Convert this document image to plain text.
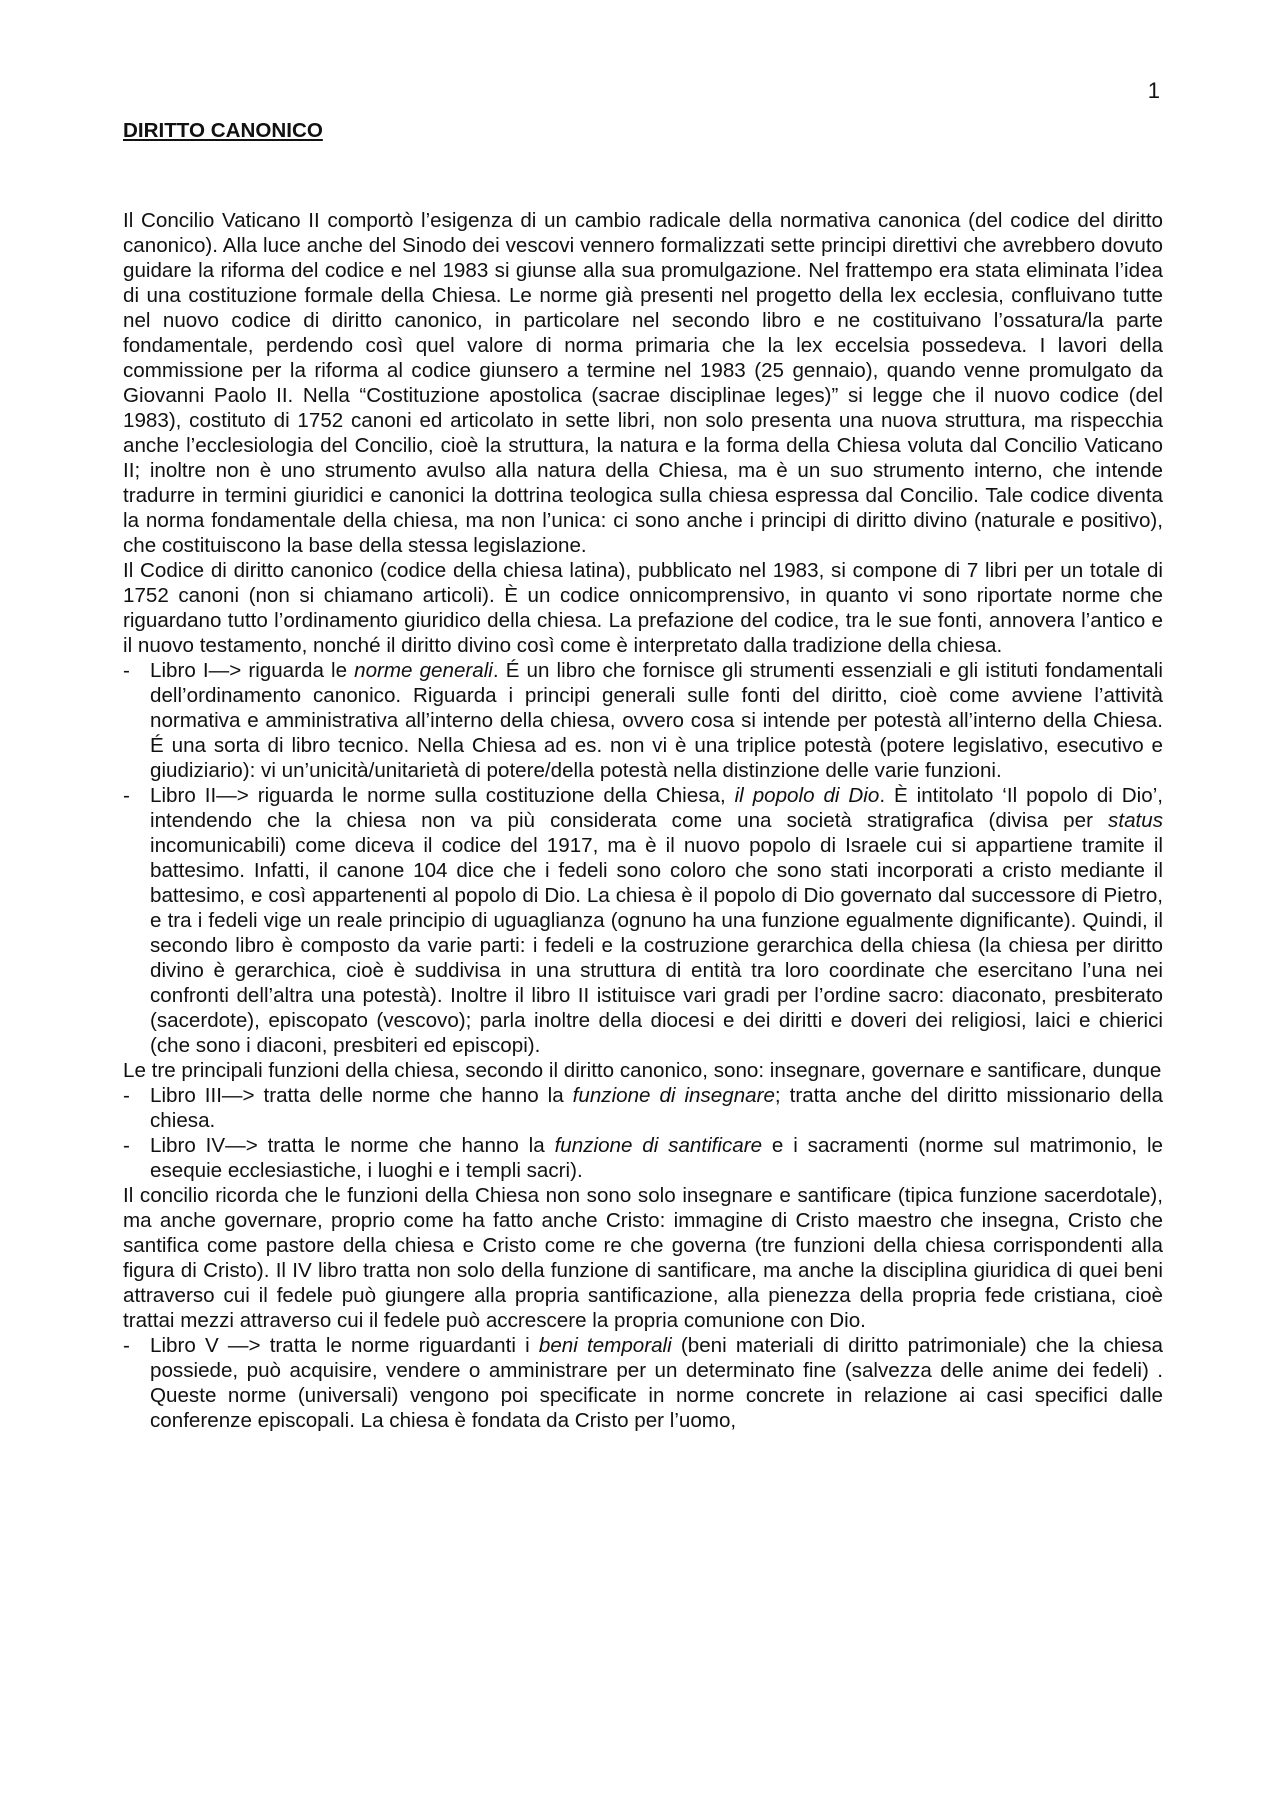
1
DIRITTO CANONICO

Il Concilio Vaticano II comportò l’esigenza di un cambio radicale della normativa canonica (del codice del diritto canonico). Alla luce anche del Sinodo dei vescovi vennero formalizzati sette principi direttivi che avrebbero dovuto guidare la riforma del codice e nel 1983 si giunse alla sua promulgazione. Nel frattempo era stata eliminata l’idea di una costituzione formale della Chiesa. Le norme già presenti nel progetto della lex ecclesia, confluivano tutte nel nuovo codice di diritto canonico, in particolare nel secondo libro e ne costituivano l’ossatura/la parte fondamentale, perdendo così quel valore di norma primaria che la lex eccelsia possedeva. I lavori della commissione per la riforma al codice giunsero a termine nel 1983 (25 gennaio), quando venne promulgato da Giovanni Paolo II. Nella “Costituzione apostolica (sacrae disciplinae leges)” si legge che il nuovo codice (del 1983), costituto di 1752 canoni ed articolato in sette libri, non solo presenta una nuova struttura, ma rispecchia anche l’ecclesiologia del Concilio, cioè la struttura, la natura e la forma della Chiesa voluta dal Concilio Vaticano II; inoltre non è uno strumento avulso alla natura della Chiesa, ma è un suo strumento interno, che intende tradurre in termini giuridici e canonici la dottrina teologica sulla chiesa espressa dal Concilio. Tale codice diventa la norma fondamentale della chiesa, ma non l’unica: ci sono anche i principi di diritto divino (naturale e positivo), che costituiscono la base della stessa legislazione.

Il Codice di diritto canonico (codice della chiesa latina), pubblicato nel 1983, si compone di 7 libri per un totale di 1752 canoni (non si chiamano articoli). È un codice onnicomprensivo, in quanto vi sono riportate norme che riguardano tutto l’ordinamento giuridico della chiesa. La prefazione del codice, tra le sue fonti, annovera l’antico e il nuovo testamento, nonché il diritto divino così come è interpretato dalla tradizione della chiesa.

- Libro I—> riguarda le norme generali. É un libro che fornisce gli strumenti essenziali e gli istituti fondamentali dell’ordinamento canonico. Riguarda i principi generali sulle fonti del diritto, cioè come avviene l’attività normativa e amministrativa all’interno della chiesa, ovvero cosa si intende per potestà all’interno della Chiesa. É una sorta di libro tecnico. Nella Chiesa ad es. non vi è una triplice potestà (potere legislativo, esecutivo e giudiziario): vi un’unicità/unitarietà di potere/della potestà nella distinzione delle varie funzioni.
- Libro II—> riguarda le norme sulla costituzione della Chiesa, il popolo di Dio. È intitolato ‘Il popolo di Dio’, intendendo che la chiesa non va più considerata come una società stratigrafica (divisa per status incomunicabili) come diceva il codice del 1917, ma è il nuovo popolo di Israele cui si appartiene tramite il battesimo. Infatti, il canone 104 dice che i fedeli sono coloro che sono stati incorporati a cristo mediante il battesimo, e così appartenenti al popolo di Dio. La chiesa è il popolo di Dio governato dal successore di Pietro, e tra i fedeli vige un reale principio di uguaglianza (ognuno ha una funzione egualmente dignificante). Quindi, il secondo libro è composto da varie parti: i fedeli e la costruzione gerarchica della chiesa (la chiesa per diritto divino è gerarchica, cioè è suddivisa in una struttura di entità tra loro coordinate che esercitano l’una nei confronti dell’altra una potestà). Inoltre il libro II istituisce vari gradi per l’ordine sacro: diaconato, presbiterato (sacerdote), episcopato (vescovo); parla inoltre della diocesi e dei diritti e doveri dei religiosi, laici e chierici (che sono i diaconi, presbiteri ed episcopi).

Le tre principali funzioni della chiesa, secondo il diritto canonico, sono: insegnare, governare e santificare, dunque

- Libro III—> tratta delle norme che hanno la funzione di insegnare; tratta anche del diritto missionario della chiesa.
- Libro IV—> tratta le norme che hanno la funzione di santificare e i sacramenti (norme sul matrimonio, le esequie ecclesiastiche, i luoghi e i templi sacri).

Il concilio ricorda che le funzioni della Chiesa non sono solo insegnare e santificare (tipica funzione sacerdotale), ma anche governare, proprio come ha fatto anche Cristo: immagine di Cristo maestro che insegna, Cristo che santifica come pastore della chiesa e Cristo come re che governa (tre funzioni della chiesa corrispondenti alla figura di Cristo). Il IV libro tratta non solo della funzione di santificare, ma anche la disciplina giuridica di quei beni attraverso cui il fedele può giungere alla propria santificazione, alla pienezza della propria fede cristiana, cioè trattai mezzi attraverso cui il fedele può accrescere la propria comunione con Dio.

- Libro V —> tratta le norme riguardanti i beni temporali (beni materiali di diritto patrimoniale) che la chiesa possiede, può acquisire, vendere o amministrare per un determinato fine (salvezza delle anime dei fedeli) . Queste norme (universali) vengono poi specificate in norme concrete in relazione ai casi specifici dalle conferenze episcopali. La chiesa è fondata da Cristo per l’uomo,
